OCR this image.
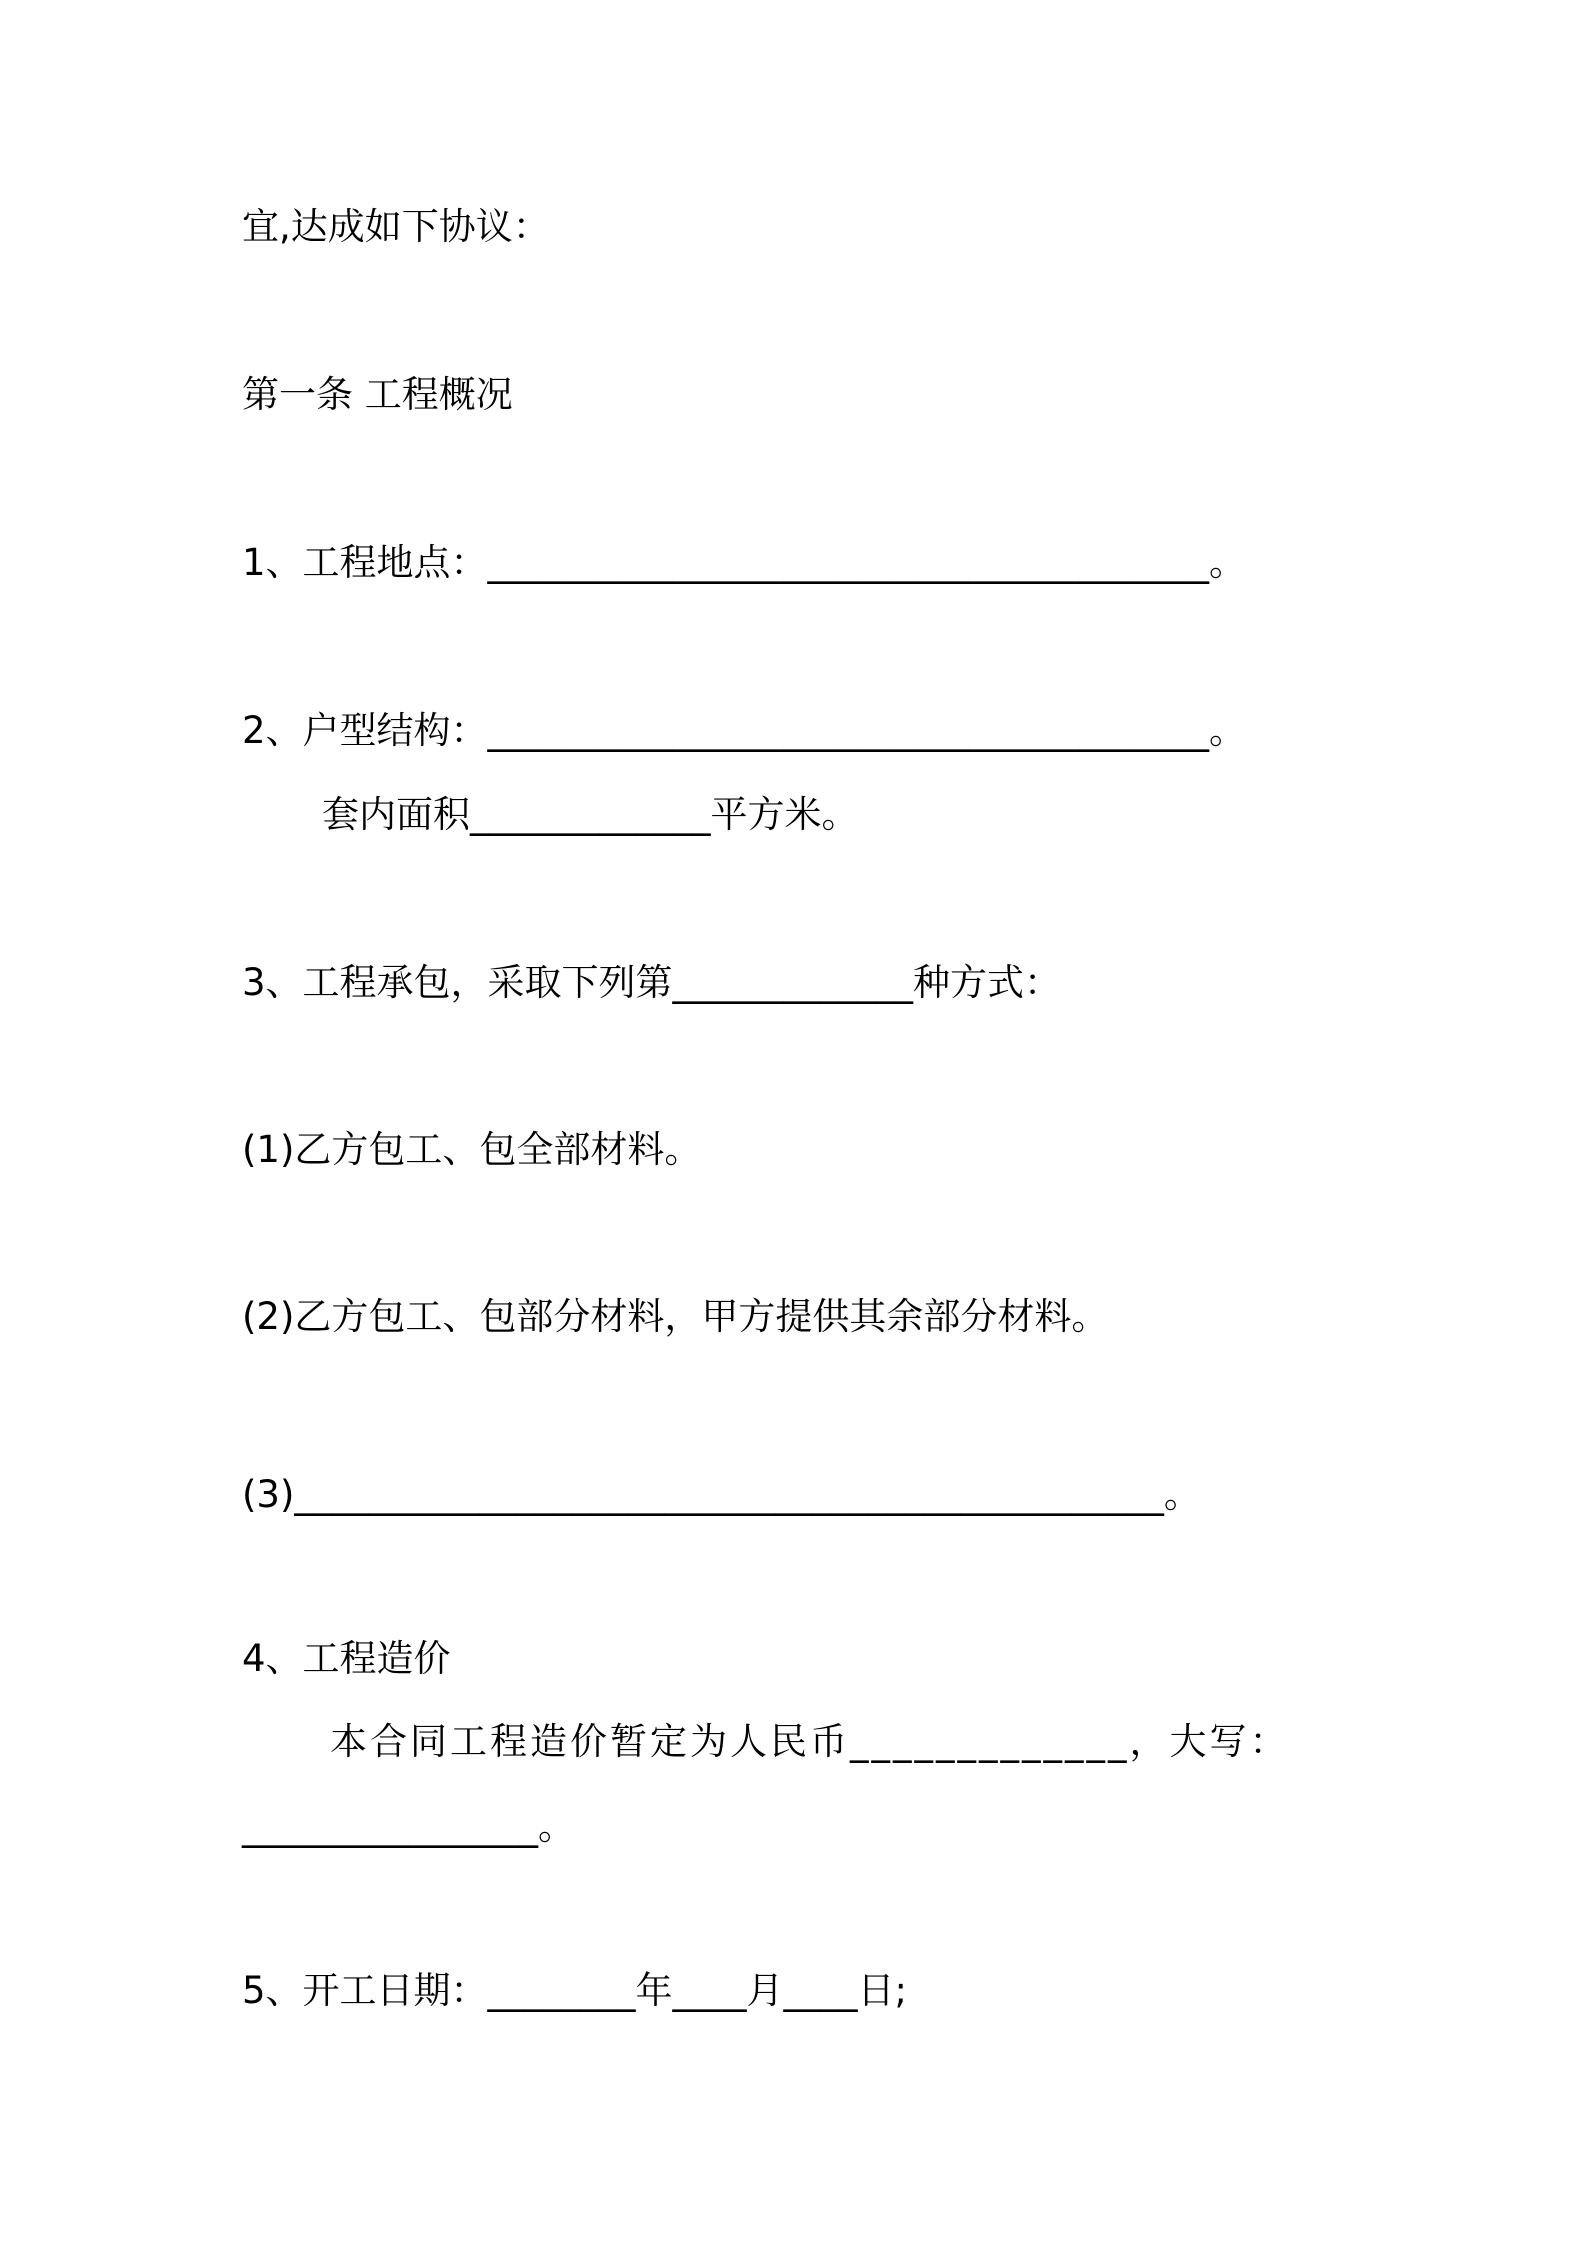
宜,达成如下协议：
第一条 工程概况
1、工程地点：_______________________________________。
2、户型结构：_______________________________________。
套内面积_____________平方米。
3、工程承包，采取下列第_____________种方式：
(1)乙方包工、包全部材料。
(2)乙方包工、包部分材料，甲方提供其余部分材料。
(3)_______________________________________________。
4、工程造价
本合同工程造价暂定为人民币_____________，大写：
________________。
5、开工日期：________年____月____日;
